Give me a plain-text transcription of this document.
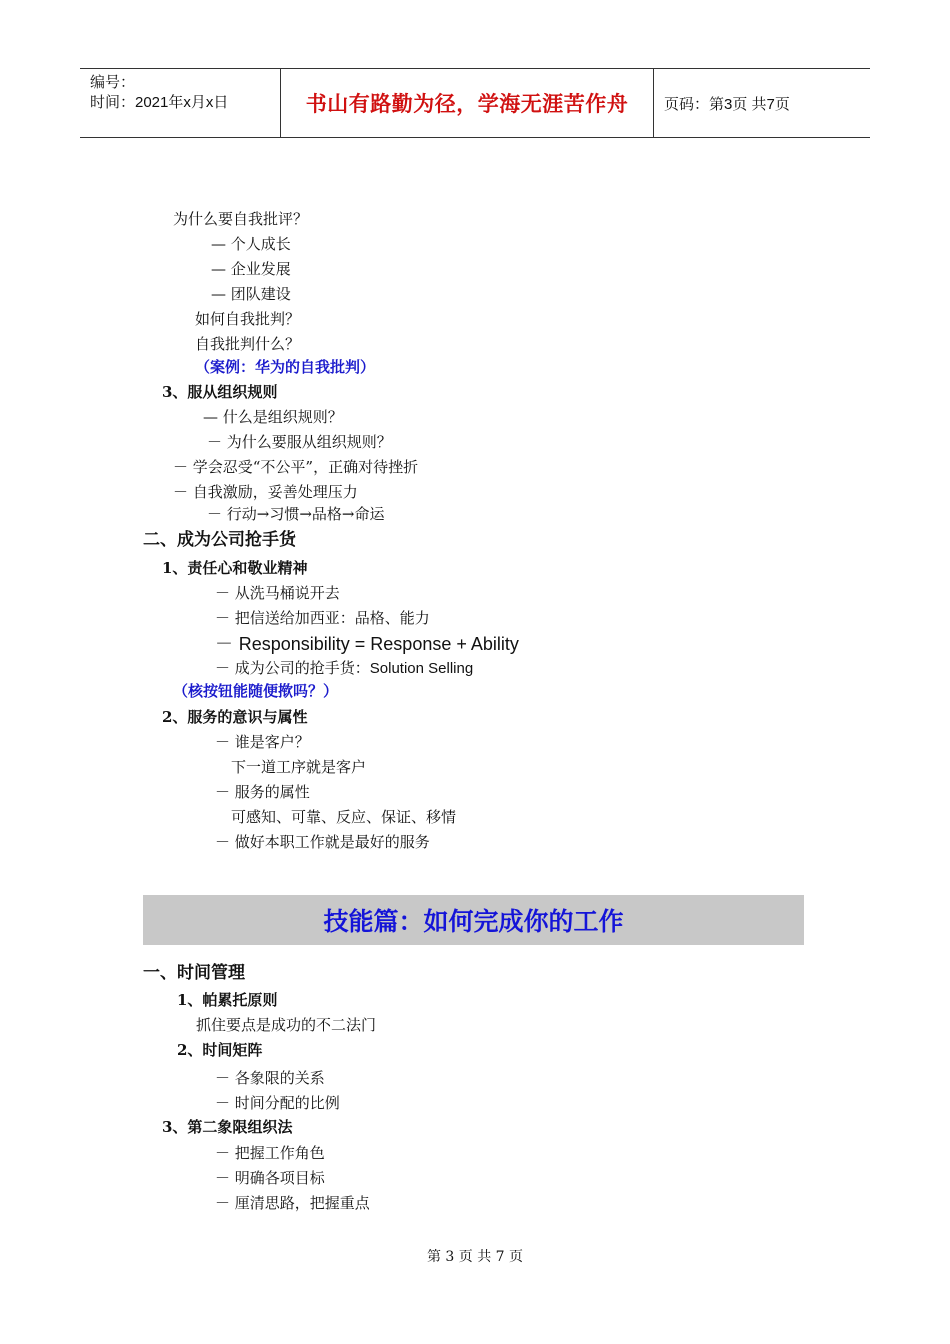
编号：
时间：2021年x月x日	书山有路勤为径，学海无涯苦作舟 页码：第3页 共7页
为什么要自我批评？
— 个人成长
— 企业发展
— 团队建设
如何自我批判？
自我批判什么？
（案例：华为的自我批判）
3、服从组织规则
— 什么是组织规则？
－ 为什么要服从组织规则？
－ 学会忍受“不公平”，正确对待挫折
－ 自我激励，妥善处理压力
－ 行动→习惯→品格→命运
二、成为公司抢手货
1、责任心和敬业精神
－ 从洗马桶说开去
－ 把信送给加西亚：品格、能力
－ Responsibility = Response + Ability
－ 成为公司的抢手货：Solution Selling
（核按钮能随便揿吗？）
2、服务的意识与属性
－ 谁是客户？
下一道工序就是客户
－ 服务的属性
可感知、可靠、反应、保证、移情
－ 做好本职工作就是最好的服务
技能篇：如何完成你的工作
一、时间管理
1、帕累托原则
抓住要点是成功的不二法门
2、时间矩阵
－ 各象限的关系
－ 时间分配的比例
3、第二象限组织法
－ 把握工作角色
－ 明确各项目标
－ 厘清思路，把握重点
第 3 页 共 7 页
